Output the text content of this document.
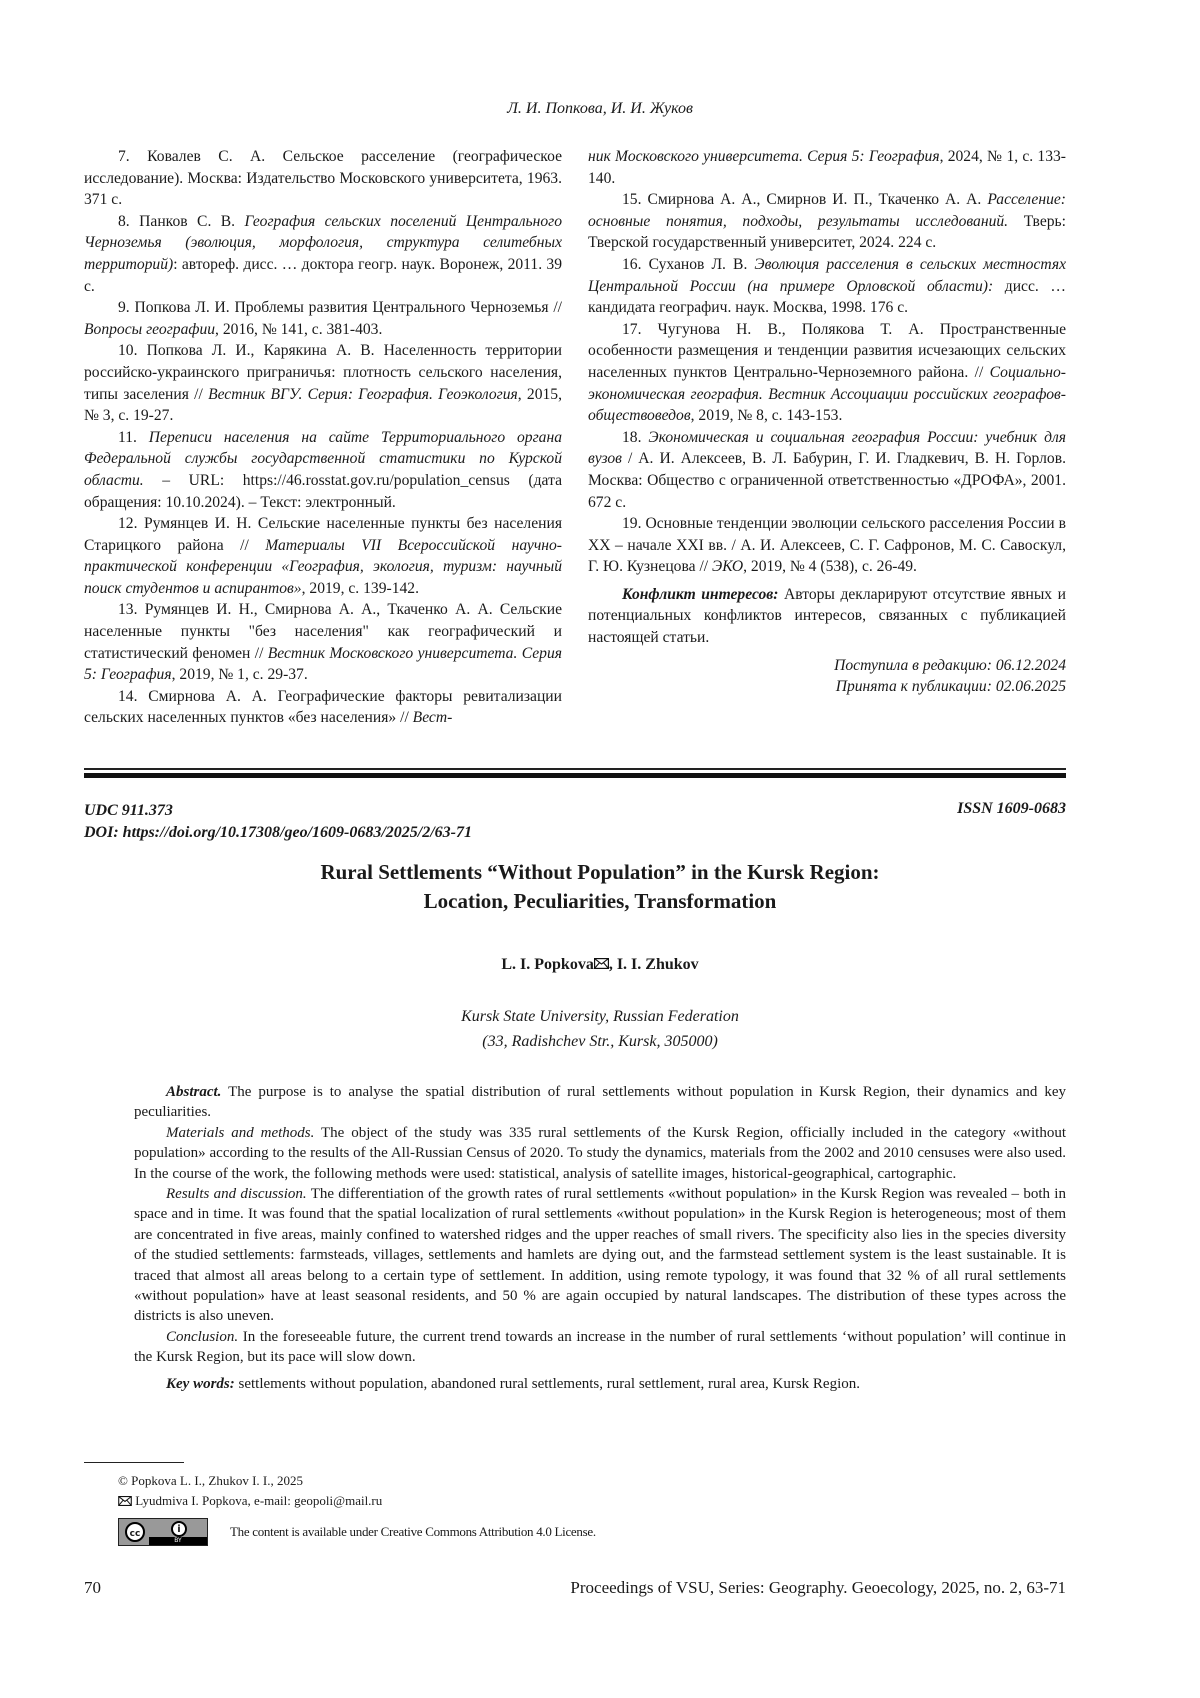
Л. И. Попкова, И. И. Жуков

7. Ковалев С. А. Сельское расселение (географическое исследование). Москва: Издательство Московского университета, 1963. 371 с.

8. Панков С. В. География сельских поселений Центрального Черноземья (эволюция, морфология, структура селитебных территорий): автореф. дисс. … доктора геогр. наук. Воронеж, 2011. 39 с.

9. Попкова Л. И. Проблемы развития Центрального Черноземья // Вопросы географии, 2016, № 141, с. 381-403.

10. Попкова Л. И., Карякина А. В. Населенность территории российско-украинского приграничья: плотность сельского населения, типы заселения // Вестник ВГУ. Серия: География. Геоэкология, 2015, № 3, с. 19-27.

11. Переписи населения на сайте Территориального органа Федеральной службы государственной статистики по Курской области. – URL: https://46.rosstat.gov.ru/population_census (дата обращения: 10.10.2024). – Текст: электронный.

12. Румянцев И. Н. Сельские населенные пункты без населения Старицкого района // Материалы VII Всероссийской научно-практической конференции «География, экология, туризм: научный поиск студентов и аспирантов», 2019, с. 139-142.

13. Румянцев И. Н., Смирнова А. А., Ткаченко А. А. Сельские населенные пункты "без населения" как географический и статистический феномен // Вестник Московского университета. Серия 5: География, 2019, № 1, с. 29-37.

14. Смирнова А. А. Географические факторы ревитализации сельских населенных пунктов «без населения» // Вест-

ник Московского университета. Серия 5: География, 2024, № 1, с. 133-140.

15. Смирнова А. А., Смирнов И. П., Ткаченко А. А. Расселение: основные понятия, подходы, результаты исследований. Тверь: Тверской государственный университет, 2024. 224 с.

16. Суханов Л. В. Эволюция расселения в сельских местностях Центральной России (на примере Орловской области): дисс. … кандидата географич. наук. Москва, 1998. 176 с.

17. Чугунова Н. В., Полякова Т. А. Пространственные особенности размещения и тенденции развития исчезающих сельских населенных пунктов Центрально-Черноземного района. // Социально-экономическая география. Вестник Ассоциации российских географов-обществоведов, 2019, № 8, с. 143-153.

18. Экономическая и социальная география России: учебник для вузов / А. И. Алексеев, В. Л. Бабурин, Г. И. Гладкевич, В. Н. Горлов. Москва: Общество с ограниченной ответственностью «ДРОФА», 2001. 672 с.

19. Основные тенденции эволюции сельского расселения России в XX – начале XXI вв. / А. И. Алексеев, С. Г. Сафронов, М. С. Савоскул, Г. Ю. Кузнецова // ЭКО, 2019, № 4 (538), с. 26-49.

Конфликт интересов: Авторы декларируют отсутствие явных и потенциальных конфликтов интересов, связанных с публикацией настоящей статьи.

Поступила в редакцию: 06.12.2024
Принята к публикации: 02.06.2025
UDC 911.373
DOI: https://doi.org/10.17308/geo/1609-0683/2025/2/63-71
ISSN 1609-0683
Rural Settlements “Without Population” in the Kursk Region:
Location, Peculiarities, Transformation
L. I. Popkova , I. I. Zhukov
Kursk State University, Russian Federation
(33, Radishchev Str., Kursk, 305000)

Abstract. The purpose is to analyse the spatial distribution of rural settlements without population in Kursk Region, their dynamics and key peculiarities.

Materials and methods. The object of the study was 335 rural settlements of the Kursk Region, officially included in the category «without population» according to the results of the All-Russian Census of 2020. To study the dynamics, materials from the 2002 and 2010 censuses were also used. In the course of the work, the following methods were used: statistical, analysis of satellite images, historical-geographical, cartographic.

Results and discussion. The differentiation of the growth rates of rural settlements «without population» in the Kursk Region was revealed – both in space and in time. It was found that the spatial localization of rural settlements «without population» in the Kursk Region is heterogeneous; most of them are concentrated in five areas, mainly confined to watershed ridges and the upper reaches of small rivers. The specificity also lies in the species diversity of the studied settlements: farmsteads, villages, settlements and hamlets are dying out, and the farmstead settlement system is the least sustainable. It is traced that almost all areas belong to a certain type of settlement. In addition, using remote typology, it was found that 32 % of all rural settlements «without population» have at least seasonal residents, and 50 % are again occupied by natural landscapes. The distribution of these types across the districts is also uneven.

Conclusion. In the foreseeable future, the current trend towards an increase in the number of rural settlements ‘without population’ will continue in the Kursk Region, but its pace will slow down.

Key words: settlements without population, abandoned rural settlements, rural settlement, rural area, Kursk Region.

© Popkova L. I., Zhukov I. I., 2025
Lyudmiva I. Popkova, e-mail: geopoli@mail.ru
cc	i
BY
The content is available under Creative Commons Attribution 4.0 License.
70	Proceedings of VSU, Series: Geography. Geoecology, 2025, no. 2, 63-71
